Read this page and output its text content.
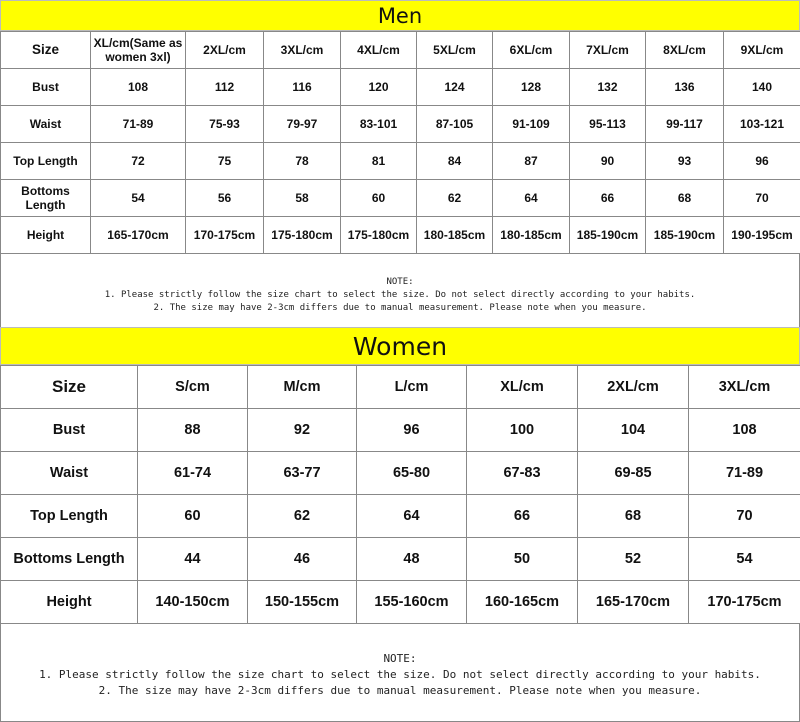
Men
Size	XL/cm(Same as women 3xl)	2XL/cm	3XL/cm	4XL/cm	5XL/cm	6XL/cm	7XL/cm	8XL/cm	9XL/cm
Bust	108	112	116	120	124	128	132	136	140
Waist	71-89	75-93	79-97	83-101	87-105	91-109	95-113	99-117	103-121
Top Length	72	75	78	81	84	87	90	93	96
Bottoms Length	54	56	58	60	62	64	66	68	70
Height	165-170cm	170-175cm	175-180cm	175-180cm	180-185cm	180-185cm	185-190cm	185-190cm	190-195cm
NOTE:
1. Please strictly follow the size chart to select the size. Do not select directly according to your habits.
2. The size may have 2-3cm differs due to manual measurement. Please note when you measure.
Women
Size	S/cm	M/cm	L/cm	XL/cm	2XL/cm	3XL/cm
Bust	88	92	96	100	104	108
Waist	61-74	63-77	65-80	67-83	69-85	71-89
Top Length	60	62	64	66	68	70
Bottoms Length	44	46	48	50	52	54
Height	140-150cm	150-155cm	155-160cm	160-165cm	165-170cm	170-175cm
NOTE:
1. Please strictly follow the size chart to select the size. Do not select directly according to your habits.
2. The size may have 2-3cm differs due to manual measurement. Please note when you measure.
